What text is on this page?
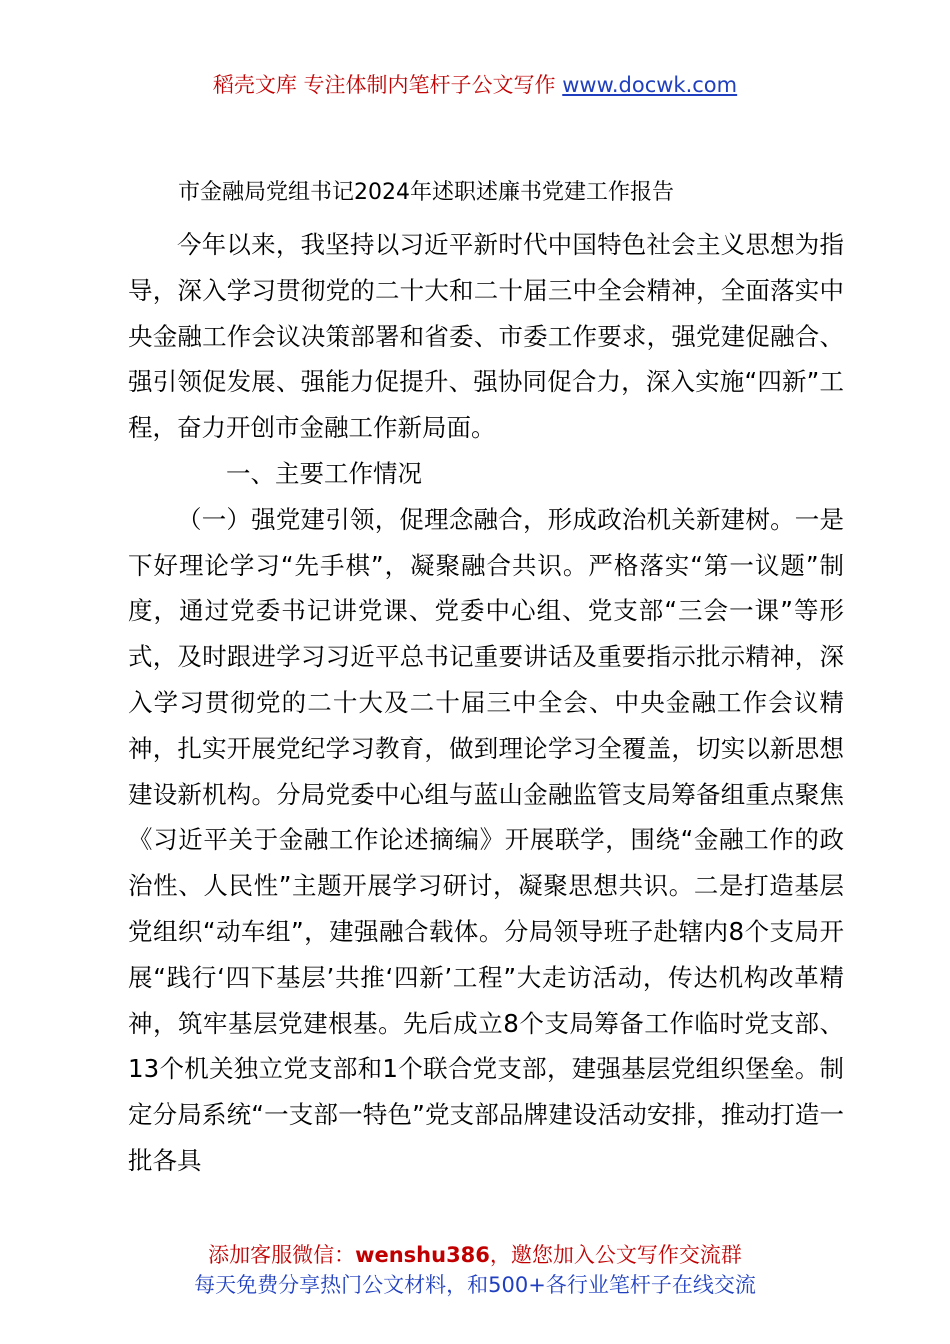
稻壳文库 专注体制内笔杆子公文写作 www.docwk.com
市金融局党组书记2024年述职述廉书党建工作报告

今年以来，我坚持以习近平新时代中国特色社会主义思想为指导，深入学习贯彻党的二十大和二十届三中全会精神，全面落实中央金融工作会议决策部署和省委、市委工作要求，强党建促融合、强引领促发展、强能力促提升、强协同促合力，深入实施“四新”工程，奋力开创市金融工作新局面。

一、主要工作情况

（一）强党建引领，促理念融合，形成政治机关新建树。一是下好理论学习“先手棋”，凝聚融合共识。严格落实“第一议题”制度，通过党委书记讲党课、党委中心组、党支部“三会一课”等形式，及时跟进学习习近平总书记重要讲话及重要指示批示精神，深入学习贯彻党的二十大及二十届三中全会、中央金融工作会议精神，扎实开展党纪学习教育，做到理论学习全覆盖，切实以新思想建设新机构。分局党委中心组与蓝山金融监管支局筹备组重点聚焦《习近平关于金融工作论述摘编》开展联学，围绕“金融工作的政治性、人民性”主题开展学习研讨，凝聚思想共识。二是打造基层党组织“动车组”，建强融合载体。分局领导班子赴辖内8个支局开展“践行‘四下基层’共推‘四新’工程”大走访活动，传达机构改革精神，筑牢基层党建根基。先后成立8个支局筹备工作临时党支部、13个机关独立党支部和1个联合党支部，建强基层党组织堡垒。制定分局系统“一支部一特色”党支部品牌建设活动安排，推动打造一批各具

添加客服微信：wenshu386，邀您加入公文写作交流群
每天免费分享热门公文材料，和500+各行业笔杆子在线交流
